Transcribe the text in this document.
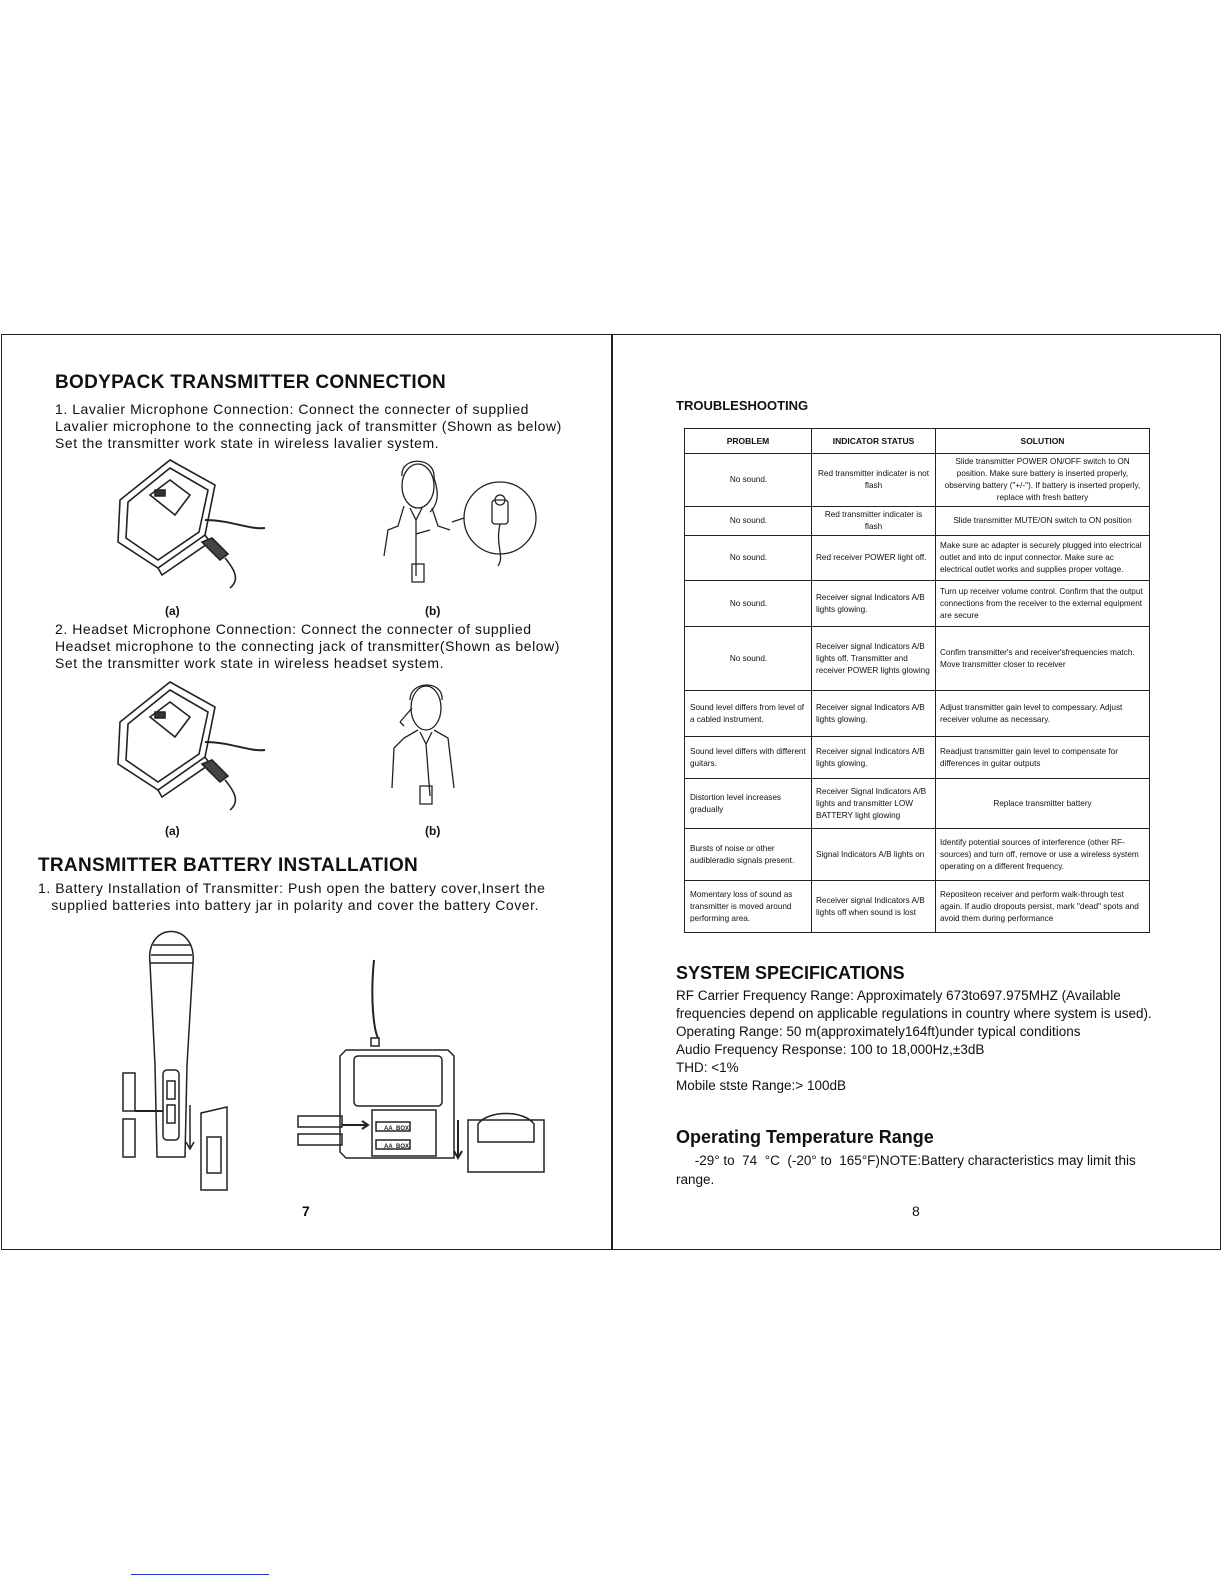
BODYPACK TRANSMITTER CONNECTION

1. Lavalier Microphone Connection: Connect the connecter of supplied

Lavalier microphone to the connecting jack of transmitter (Shown as below)

Set the transmitter work state in wireless lavalier system.

(a)	(b)

2. Headset Microphone Connection: Connect the connecter of supplied

Headset microphone to the connecting jack of transmitter(Shown as below)

Set the transmitter work state in wireless headset system.

(a)	(b)
TRANSMITTER BATTERY INSTALLATION

1. Battery Installation of Transmitter: Push open the battery cover,Insert the

supplied batteries into battery jar in polarity and cover the battery Cover.

AA
AA
BOX
BOX
7
TROUBLESHOOTING
PROBLEM	INDICATOR STATUS	SOLUTION
No sound.	Red transmitter indicater is not flash	Slide transmitter POWER ON/OFF switch to ON position. Make sure battery is inserted properly, observing battery ("+/-"). If battery is inserted properly, replace with fresh battery
No sound.	Red transmitter indicater is flash	Slide transmitter MUTE/ON switch to ON position
No sound.	Red receiver POWER light off.	Make sure ac adapter is securely plugged into electrical outlet and into dc input connector. Make sure ac electrical outlet works and supplies proper voltage.
No sound.	Receiver signal Indicators A/B lights glowing.	Turn up receiver volume control. Confirm that the output connections from the receiver to the external equipment are secure
No sound.	Receiver signal Indicators A/B lights off. Transmitter and receiver POWER lights glowing	Confim transmitter's and receiver'sfrequencies match. Move transmitter closer to receiver
Sound level differs from level of a cabled instrument.	Receiver signal Indicators A/B lights glowing.	Adjust transmitter gain level to compessary. Adjust receiver volume as necessary.
Sound level differs with different guitars.	Receiver signal Indicators A/B lights glowing.	Readjust transmitter gain level to compensate for differences in guitar outputs
Distortion level increases gradually	Receiver Signal Indicators A/B lights and transmitter LOW BATTERY light glowing	Replace transmitter battery
Bursts of noise or other audibleradio signals present.	Signal Indicators A/B lights on	Identify potential sources of interference (other RF-sources) and turn off, remove or use a wireless system operating on a different frequency.
Momentary loss of sound as transmitter is moved around performing area.	Receiver signal Indicators A/B lights off when sound is lost	Repositeon receiver and perform walk-through test again. If audio dropouts persist, mark "dead" spots and avoid them during performance
SYSTEM SPECIFICATIONS
RF Carrier Frequency Range: Approximately 673to697.975MHZ (Available
frequencies depend on applicable regulations in country where system is used).
Operating Range: 50 m(approximately164ft)under typical conditions
Audio Frequency Response: 100 to 18,000Hz,±3dB
THD: <1%
Mobile stste Range:> 100dB
Operating Temperature Range
-29° to  74  °C  (-20° to  165°F)NOTE:Battery characteristics may limit this
range.
8
